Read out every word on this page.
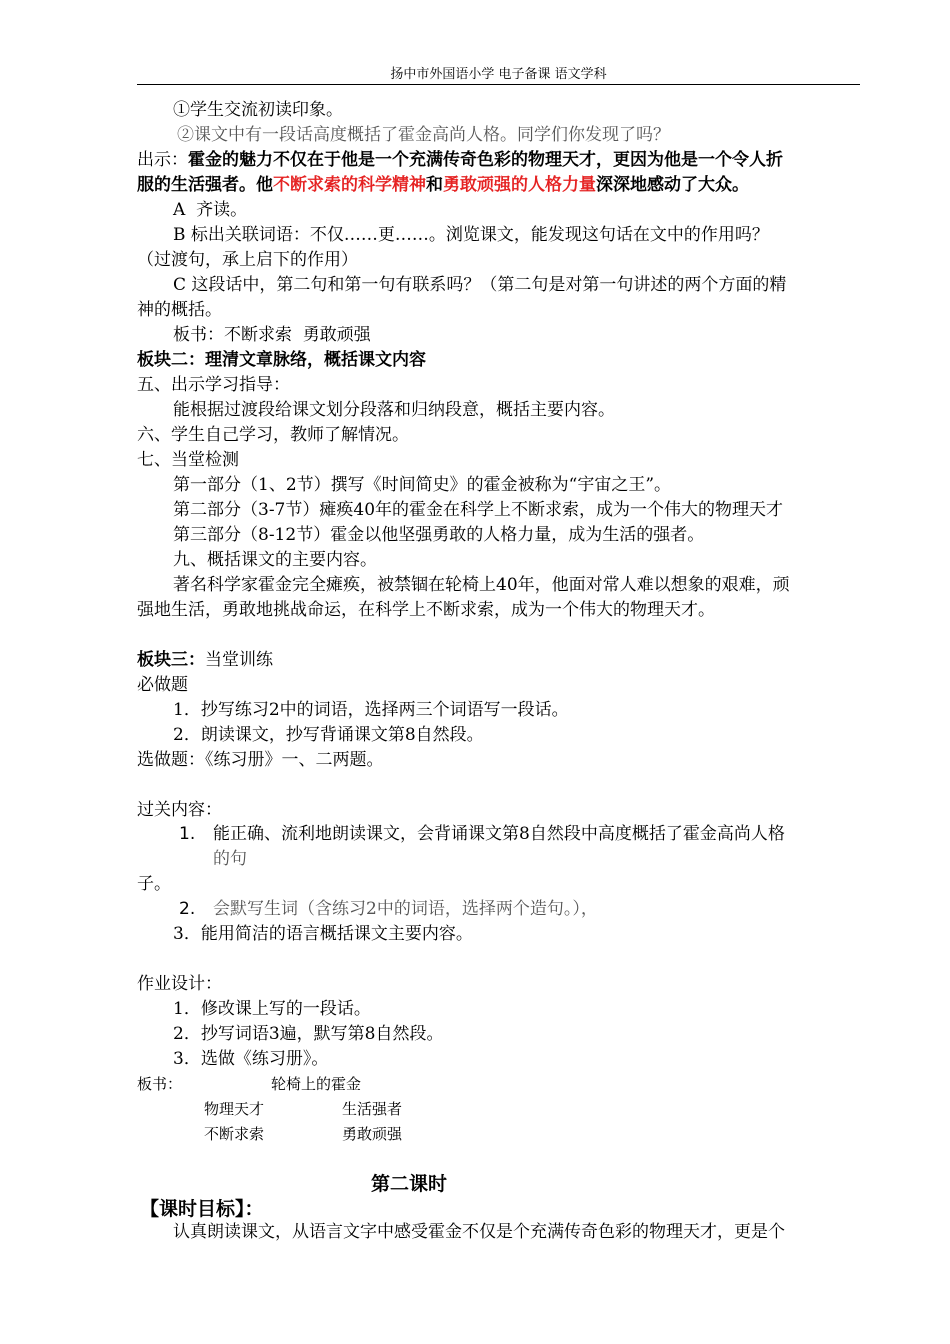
扬中市外国语小学 电子备课 语文学科
①学生交流初读印象。
②课文中有一段话高度概括了霍金高尚人格。同学们你发现了吗？
出示：霍金的魅力不仅在于他是一个充满传奇色彩的物理天才，更因为他是一个令人折
服的生活强者。他不断求索的科学精神和勇敢顽强的人格力量深深地感动了大众。
A  齐读。
B 标出关联词语：不仅……更……。浏览课文，能发现这句话在文中的作用吗？
（过渡句，承上启下的作用）
C 这段话中，第二句和第一句有联系吗？（第二句是对第一句讲述的两个方面的精
神的概括。
板书：不断求索  勇敢顽强
板块二：理清文章脉络，概括课文内容
五、出示学习指导：
能根据过渡段给课文划分段落和归纳段意，概括主要内容。
六、学生自己学习，教师了解情况。
七、当堂检测
第一部分（1、2节）撰写《时间简史》的霍金被称为“宇宙之王”。
第二部分（3-7节）瘫痪40年的霍金在科学上不断求索，成为一个伟大的物理天才
第三部分（8-12节）霍金以他坚强勇敢的人格力量，成为生活的强者。
九、概括课文的主要内容。
著名科学家霍金完全瘫痪，被禁锢在轮椅上40年，他面对常人难以想象的艰难，顽
强地生活，勇敢地挑战命运，在科学上不断求索，成为一个伟大的物理天才。
板块三：当堂训练
必做题
1．抄写练习2中的词语，选择两三个词语写一段话。
2．朗读课文，抄写背诵课文第8自然段。
选做题：《练习册》一、二两题。
过关内容：
1. 能正确、流利地朗读课文，会背诵课文第8自然段中高度概括了霍金高尚人格
的句
子。
2. 会默写生词（含练习2中的词语，选择两个造句。），
3．能用简洁的语言概括课文主要内容。
作业设计：
1．修改课上写的一段话。
2．抄写词语3遍，默写第8自然段。
3．选做《练习册》。
板书：	轮椅上的霍金
物理天才	生活强者
不断求索	勇敢顽强
第二课时
【课时目标】：
认真朗读课文，从语言文字中感受霍金不仅是个充满传奇色彩的物理天才，更是个
